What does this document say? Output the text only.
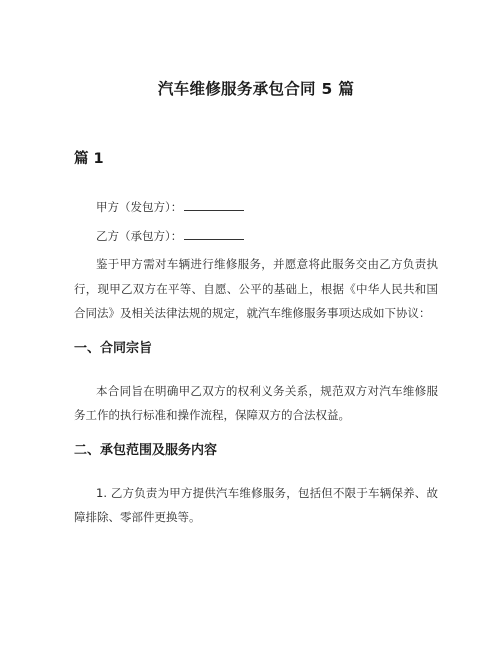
汽车维修服务承包合同 5 篇
篇 1

甲方（发包方）：

乙方（承包方）：

鉴于甲方需对车辆进行维修服务，并愿意将此服务交由乙方负责执行，现甲乙双方在平等、自愿、公平的基础上，根据《中华人民共和国合同法》及相关法律法规的规定，就汽车维修服务事项达成如下协议：

一、合同宗旨

本合同旨在明确甲乙双方的权利义务关系，规范双方对汽车维修服务工作的执行标准和操作流程，保障双方的合法权益。

二、承包范围及服务内容

1. 乙方负责为甲方提供汽车维修服务，包括但不限于车辆保养、故障排除、零部件更换等。
